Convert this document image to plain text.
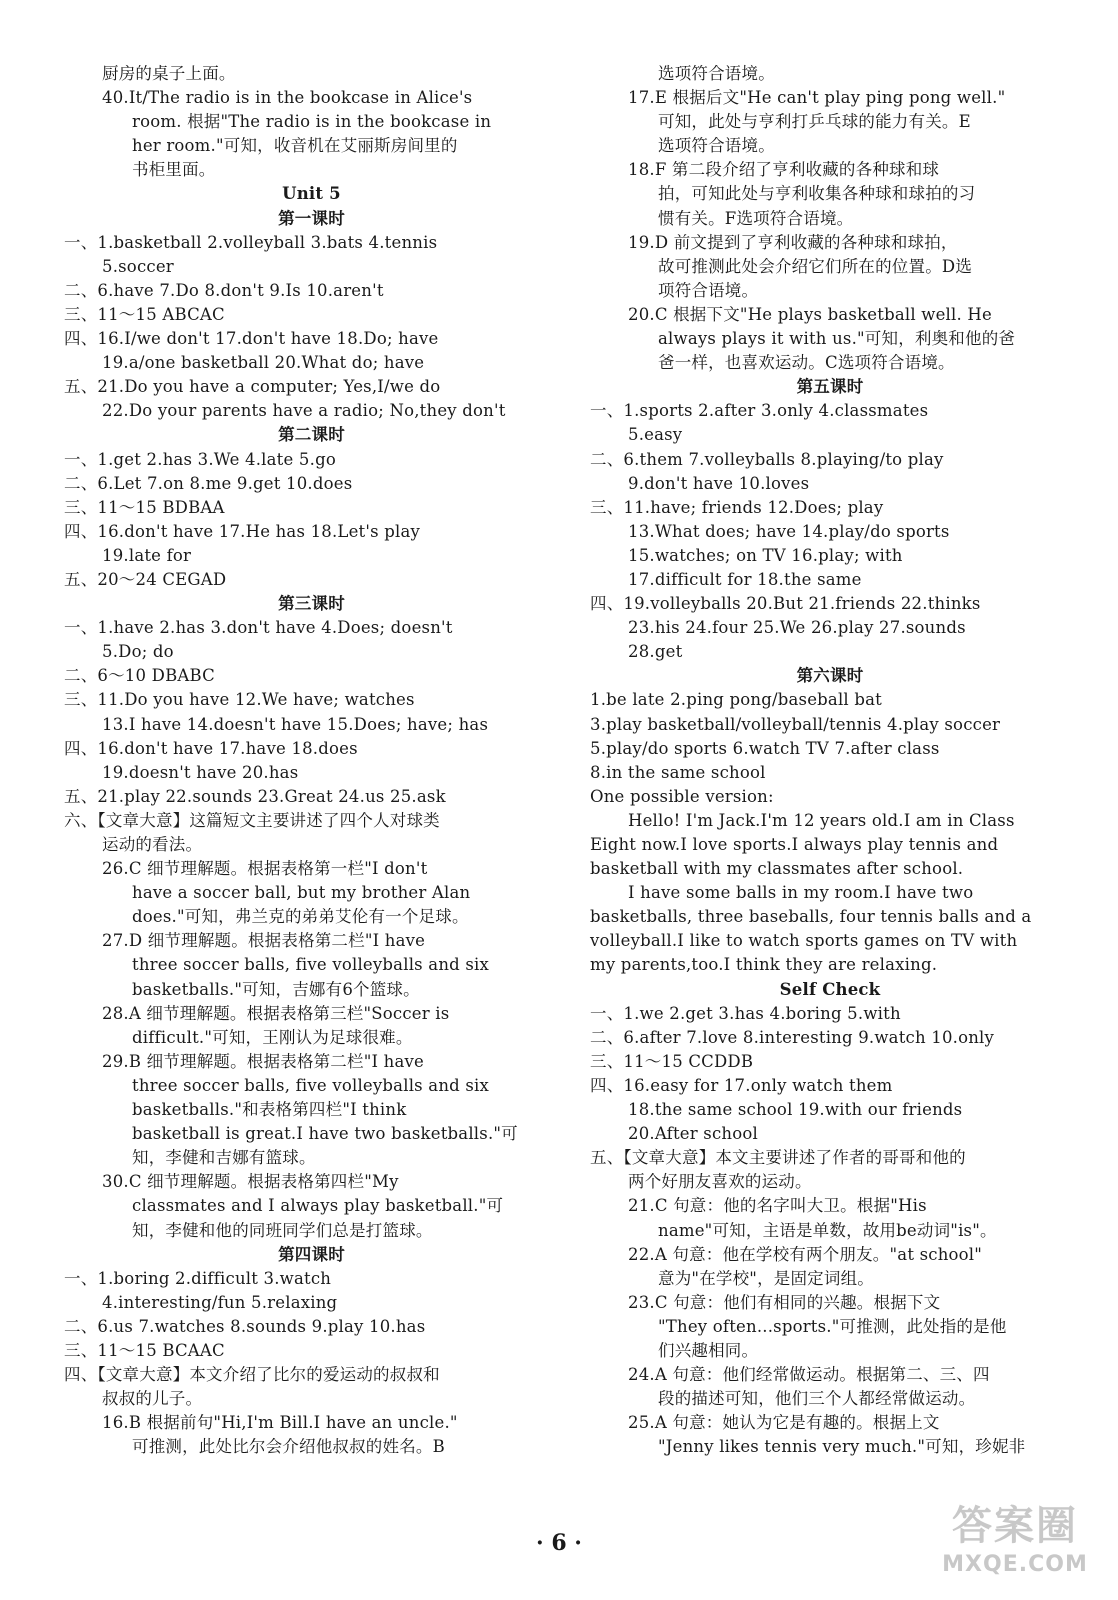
厨房的桌子上面。
40.It/The radio is in the bookcase in Alice's
room. 根据"The radio is in the bookcase in
her room."可知，收音机在艾丽斯房间里的
书柜里面。
Unit 5
第一课时
一、1.basketball 2.volleyball 3.bats 4.tennis
5.soccer
二、6.have 7.Do 8.don't 9.Is 10.aren't
三、11～15 ABCAC
四、16.I/we don't 17.don't have 18.Do; have
19.a/one basketball 20.What do; have
五、21.Do you have a computer; Yes,I/we do
22.Do your parents have a radio; No,they don't
第二课时
一、1.get 2.has 3.We 4.late 5.go
二、6.Let 7.on 8.me 9.get 10.does
三、11～15 BDBAA
四、16.don't have 17.He has 18.Let's play
19.late for
五、20～24 CEGAD
第三课时
一、1.have 2.has 3.don't have 4.Does; doesn't
5.Do; do
二、6～10 DBABC
三、11.Do you have 12.We have; watches
13.I have 14.doesn't have 15.Does; have; has
四、16.don't have 17.have 18.does
19.doesn't have 20.has
五、21.play 22.sounds 23.Great 24.us 25.ask
六、【文章大意】这篇短文主要讲述了四个人对球类
运动的看法。
26.C 细节理解题。根据表格第一栏"I don't
have a soccer ball, but my brother Alan
does."可知，弗兰克的弟弟艾伦有一个足球。
27.D 细节理解题。根据表格第二栏"I have
three soccer balls, five volleyballs and six
basketballs."可知，吉娜有6个篮球。
28.A 细节理解题。根据表格第三栏"Soccer is
difficult."可知，王刚认为足球很难。
29.B 细节理解题。根据表格第二栏"I have
three soccer balls, five volleyballs and six
basketballs."和表格第四栏"I think
basketball is great.I have two basketballs."可
知，李健和吉娜有篮球。
30.C 细节理解题。根据表格第四栏"My
classmates and I always play basketball."可
知，李健和他的同班同学们总是打篮球。
第四课时
一、1.boring 2.difficult 3.watch
4.interesting/fun 5.relaxing
二、6.us 7.watches 8.sounds 9.play 10.has
三、11～15 BCAAC
四、【文章大意】本文介绍了比尔的爱运动的叔叔和
叔叔的儿子。
16.B 根据前句"Hi,I'm Bill.I have an uncle."
可推测，此处比尔会介绍他叔叔的姓名。B
选项符合语境。
17.E 根据后文"He can't play ping pong well."
可知，此处与亨利打乒乓球的能力有关。E
选项符合语境。
18.F 第二段介绍了亨利收藏的各种球和球
拍，可知此处与亨利收集各种球和球拍的习
惯有关。F选项符合语境。
19.D 前文提到了亨利收藏的各种球和球拍，
故可推测此处会介绍它们所在的位置。D选
项符合语境。
20.C 根据下文"He plays basketball well. He
always plays it with us."可知，利奥和他的爸
爸一样，也喜欢运动。C选项符合语境。
第五课时
一、1.sports 2.after 3.only 4.classmates
5.easy
二、6.them 7.volleyballs 8.playing/to play
9.don't have 10.loves
三、11.have; friends 12.Does; play
13.What does; have 14.play/do sports
15.watches; on TV 16.play; with
17.difficult for 18.the same
四、19.volleyballs 20.But 21.friends 22.thinks
23.his 24.four 25.We 26.play 27.sounds
28.get
第六课时
1.be late 2.ping pong/baseball bat
3.play basketball/volleyball/tennis 4.play soccer
5.play/do sports 6.watch TV 7.after class
8.in the same school
One possible version:
Hello! I'm Jack.I'm 12 years old.I am in Class
Eight now.I love sports.I always play tennis and
basketball with my classmates after school.
I have some balls in my room.I have two
basketballs, three baseballs, four tennis balls and a
volleyball.I like to watch sports games on TV with
my parents,too.I think they are relaxing.
Self Check
一、1.we 2.get 3.has 4.boring 5.with
二、6.after 7.love 8.interesting 9.watch 10.only
三、11～15 CCDDB
四、16.easy for 17.only watch them
18.the same school 19.with our friends
20.After school
五、【文章大意】本文主要讲述了作者的哥哥和他的
两个好朋友喜欢的运动。
21.C 句意：他的名字叫大卫。根据"His
name"可知，主语是单数，故用be动词"is"。
22.A 句意：他在学校有两个朋友。"at school"
意为"在学校"，是固定词组。
23.C 句意：他们有相同的兴趣。根据下文
"They often...sports."可推测，此处指的是他
们兴趣相同。
24.A 句意：他们经常做运动。根据第二、三、四
段的描述可知，他们三个人都经常做运动。
25.A 句意：她认为它是有趣的。根据上文
"Jenny likes tennis very much."可知，珍妮非
· 6 ·	答案圈
MXQE.COM
